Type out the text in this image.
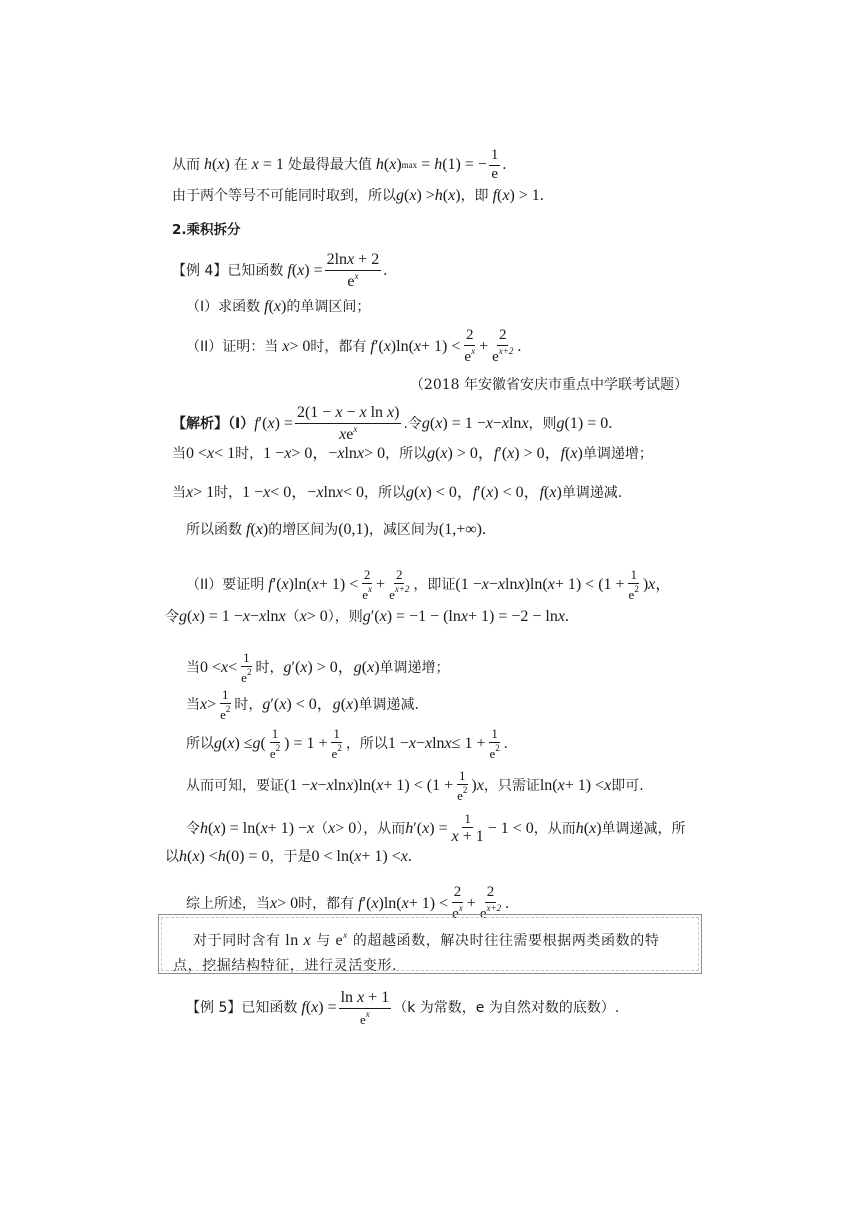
从而 h ( x ) 在 x = 1 处最得最大值 h ( x ) max = h (1) = − $\frac{1}{e}$ .
由于两个等号不可能同时取到，所以 g ( x ) > h ( x ) ，即 f ( x ) > 1.
2.乘积拆分
【例 4】已知函数 f ( x ) = $\frac{2\ln x + 2}{e^x}$ .
（I）求函数 f ( x ) 的单调区间；
（II）证明：当 x > 0 时，都有 f ′( x )ln( $x + 1) < \frac{2}{e^x} + \frac{2}{e^{x+2}}$ .
（2018 年安徽省安庆市重点中学联考试题）
【解析】（I） f ′( x ) = $\frac{\text{2(1 − x − x ln x)}}{xe^x}$ .令 g ( x ) = 1 − x − x ln x ，则 g (1) = 0.
当 0 < x < 1 时， 1 − x > 0，− x ln x > 0 ，所以 g ( x ) > 0， f ′( x ) > 0， f ( x ) 单调递增；
当 x > 1 时， 1 − x < 0，− x ln x < 0 ，所以 g ( x ) < 0， f ′( x ) < 0， f ( x ) 单调递减.
所以函数 f ( x ) 的增区间为 (0,1) ，减区间为 (1,+∞).
（II）要证明 f ′( x )ln( $x + 1) < \frac{2}{e^x} + \frac{2}{e^{x+2}}$ ，即证 (1 − x − x ln x )ln( $x + 1) < (1 + \frac{1}{e^2}$ ) x ，
令 g ( x ) = 1 − x − x ln x （ x > 0 ），则 g ′( x ) = −1 − (ln x + 1) = −2 − ln x .
当 $0 < x < \frac{1}{e^2}$ 时， g ′( x ) > 0， g ( x ) 单调递增；
当 $x > \frac{1}{e^2}$ 时， g ′( x ) < 0， g ( x ) 单调递减.
所以 g ( x ) ≤ g ( $\frac{1}{e^2}$ ) = $1 + \frac{1}{e^2}$ ，所以 1 − x − x $\ln x \le 1 + \frac{1}{e^2}$ .
从而可知，要证 (1 − x − x ln x )ln( $x + 1) < (1 + \frac{1}{e^2}$ ) x ，只需证 ln( x + 1) < x 即可.
令 h ( x ) = ln( x + 1) − x （ x > 0 ），从而 h ′( x ) = $\frac{1}{x + 1} - 1 < 0$ ，从而 h ( x ) 单调递减，所
以 h ( x ) < h (0) = 0 ，于是 0 < ln( x + 1) < x .
综上所述，当 x > 0 时，都有 f ′( x )ln( $x + 1) < \frac{2}{e^x} + \frac{2}{e^{x+2}}$ .
对于同时含有 ln x 与 $e^x$ 的超越函数，解决时往往需要根据两类函数的特点，挖掘结构特征，进行灵活变形.
【例 5】已知函数 f ( x ) = $\frac{\text{ln x + 1}}{e^x} (k$ 为常数，e 为自然对数的底数）.
